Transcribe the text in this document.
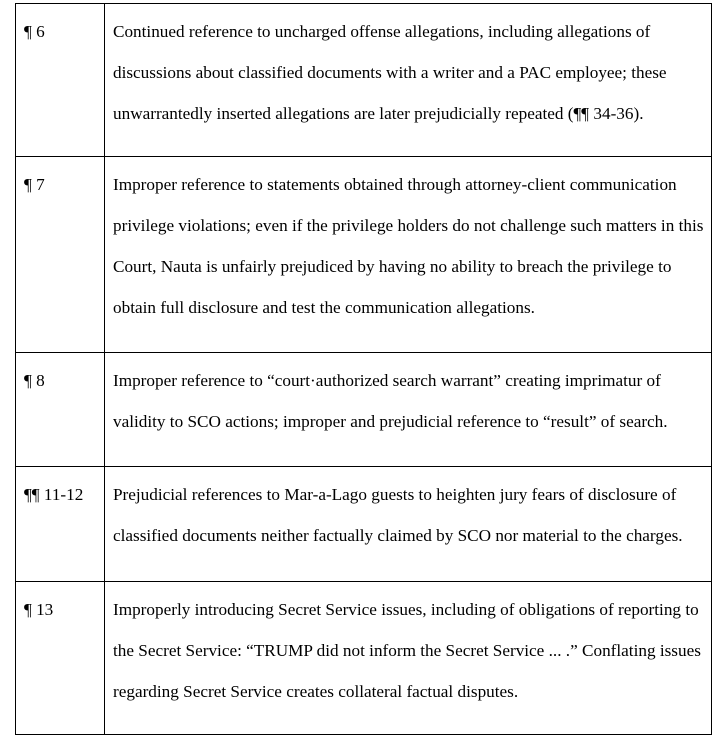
¶ 6	Continued reference to uncharged offense allegations, including allegations of discussions about classified documents with a writer and a PAC employee; these unwarrantedly inserted allegations are later prejudicially repeated (¶¶ 34-36).

¶ 7	Improper reference to statements obtained through attorney-client communication privilege violations; even if the privilege holders do not challenge such matters in this Court, Nauta is unfairly prejudiced by having no ability to breach the privilege to obtain full disclosure and test the communication allegations.

¶ 8	Improper reference to “court·authorized search warrant” creating imprimatur of validity to SCO actions; improper and prejudicial reference to “result” of search.

¶¶ 11-12	Prejudicial references to Mar-a-Lago guests to heighten jury fears of disclosure of classified documents neither factually claimed by SCO nor material to the charges.

¶ 13	Improperly introducing Secret Service issues, including of obligations of reporting to the Secret Service: “TRUMP did not inform the Secret Service ... .” Conflating issues regarding Secret Service creates collateral factual disputes.
